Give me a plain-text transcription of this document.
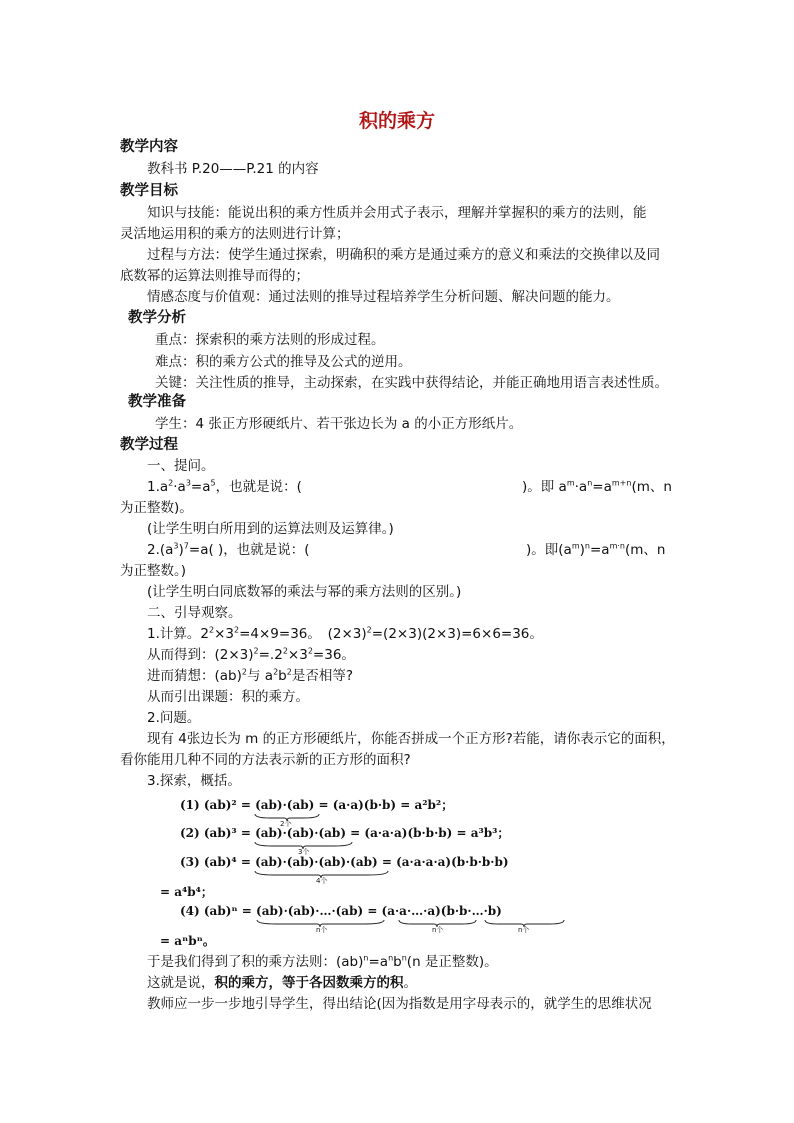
积的乘方
教学内容
教科书 P.20——P.21 的内容
教学目标
知识与技能：能说出积的乘方性质并会用式子表示，理解并掌握积的乘方的法则，能
灵活地运用积的乘方的法则进行计算；
过程与方法：使学生通过探索，明确积的乘方是通过乘方的意义和乘法的交换律以及同
底数幂的运算法则推导而得的；
情感态度与价值观：通过法则的推导过程培养学生分析问题、解决问题的能力。
教学分析
重点：探索积的乘方法则的形成过程。
难点：积的乘方公式的推导及公式的逆用。
关键：关注性质的推导，主动探索，在实践中获得结论，并能正确地用语言表述性质。
教学准备
学生：4 张正方形硬纸片、若干张边长为 a 的小正方形纸片。
教学过程
一、提问。
$1.a^2\cdot a^3=a^5$，也就是说：(	)。即 $a^m\cdot a^n=a^{m+n}(m$、n
为正整数)。
(让学生明白所用到的运算法则及运算律。)
$2.(a^3)^7=a$( )，也就是说：(	)。即$(a^m)^n=a^{m\cdot n}(m$、n
为正整数。)
(让学生明白同底数幂的乘法与幂的乘方法则的区别。)
二、引导观察。
1.计算。$2^2\times 3^2=4\times 9=36$。　$(2\times 3)^2=(2\times 3)(2\times 3)=6\times 6=36$。
从而得到：$(2\times 3)^2=.2^2\times 3^2=36$。
进而猜想：(ab)$^2$与 $a^2b^2$是否相等?
从而引出课题：积的乘方。
2.问题。
现有 4张边长为 m 的正方形硬纸片，你能否拼成一个正方形?若能，请你表示它的面积，
看你能用几种不同的方法表示新的正方形的面积?
3.探索，概括。
(1) (ab)² = (ab)·(ab) = (a·a)(b·b) = a²b²；
2个
(2) (ab)³ = (ab)·(ab)·(ab) = (a·a·a)(b·b·b) = a³b³；
3个
(3) (ab)⁴ = (ab)·(ab)·(ab)·(ab) = (a·a·a·a)(b·b·b·b)
4个
= a⁴b⁴；
(4) (ab)ⁿ = (ab)·(ab)·…·(ab) = (a·a·…·a)(b·b·…·b)
n个	n个	n个
= aⁿbⁿ。
于是我们得到了积的乘方法则：$(ab)^n=a^nb^n(n$ 是正整数)。
这就是说，积的乘方，等于各因数乘方的积。
教师应一步一步地引导学生，得出结论(因为指数是用字母表示的，就学生的思维状况
